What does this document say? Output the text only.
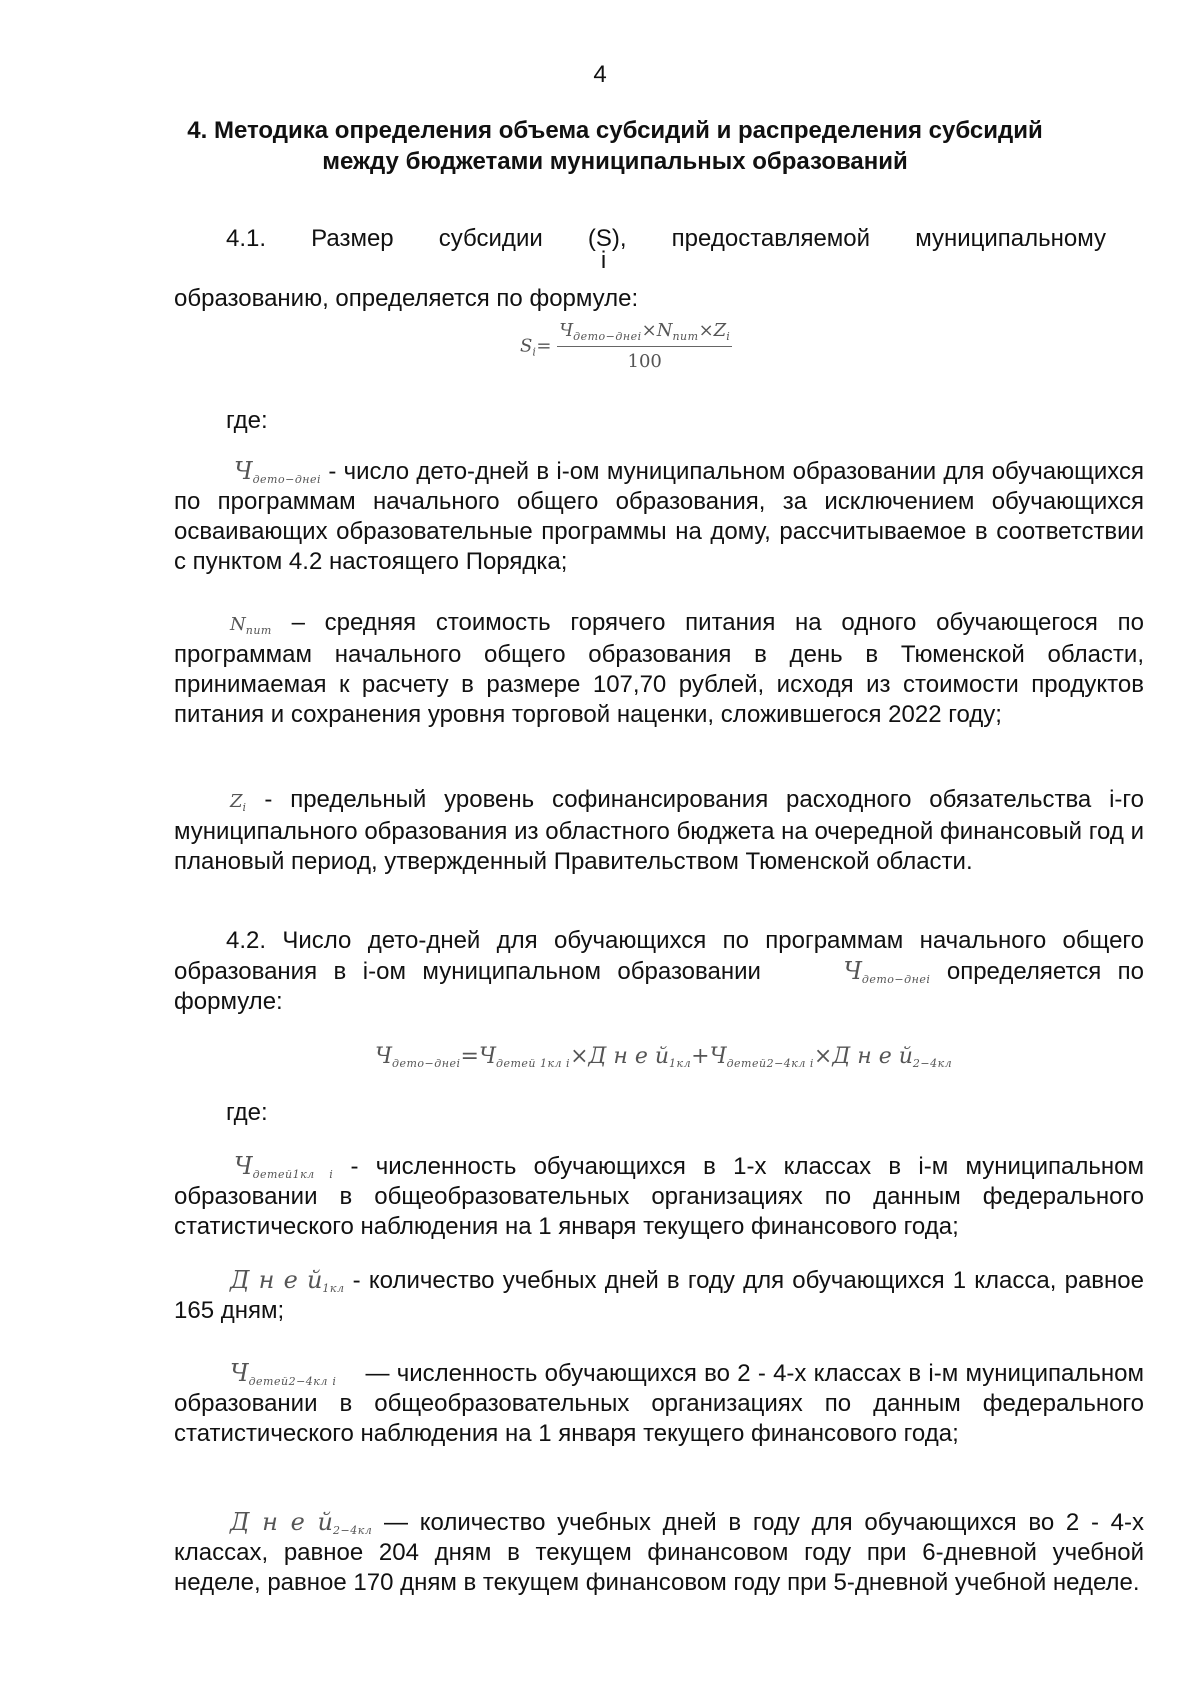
4
4. Методика определения объема субсидий и распределения субсидий между бюджетами муниципальных образований
4.1. Размер субсидии (S),
i
предоставляемой муниципальному
образованию, определяется по формуле:
$S_i= \frac{Ч_{дето-днеi}\times N_{пит}\times Z_i}{100}$
где:
$Ч_{дето-днеi}$ - число дето-дней в i-ом муниципальном образовании для обучающихся по программам начального общего образования, за исключением обучающихся осваивающих образовательные программы на дому, рассчитываемое в соответствии с пунктом 4.2 настоящего Порядка;
$N_{пит}$ – средняя стоимость горячего питания на одного обучающегося по программам начального общего образования в день в Тюменской области, принимаемая к расчету в размере 107,70 рублей, исходя из стоимости продуктов питания и сохранения уровня торговой наценки, сложившегося 2022 году;
$Z_i$ - предельный уровень софинансирования расходного обязательства i-го муниципального образования из областного бюджета на очередной финансовый год и плановый период, утвержденный Правительством Тюменской области.
4.2. Число дето-дней для обучающихся по программам начального общего образования в i-ом муниципальном образовании	$Ч_{дето-днеi}$ определяется по формуле:
$Ч_{дето-днеi}=Ч_{детей 1кл i}\times Д$ н е $й_{1кл}+Ч_{детей2-4кл i}\times Д$ н е $й_{2-4кл}$
где:
$Ч_{детей1кл i}$ - численность обучающихся в 1-х классах в i-м муниципальном образовании в общеобразовательных организациях по данным федерального статистического наблюдения на 1 января текущего финансового года;
Д н е $й_{1кл}$ - количество учебных дней в году для обучающихся 1 класса, равное 165 дням;
$Ч_{детей2-4кл i}$    — численность обучающихся во 2 - 4-х классах в i-м муниципальном образовании в общеобразовательных организациях по данным федерального статистического наблюдения на 1 января текущего финансового года;
Д н е $й_{2-4кл}$ — количество учебных дней в году для обучающихся во 2 - 4-х классах, равное 204 дням в текущем финансовом году при 6-дневной учебной неделе, равное 170 дням в текущем финансовом году при 5-дневной учебной неделе.
